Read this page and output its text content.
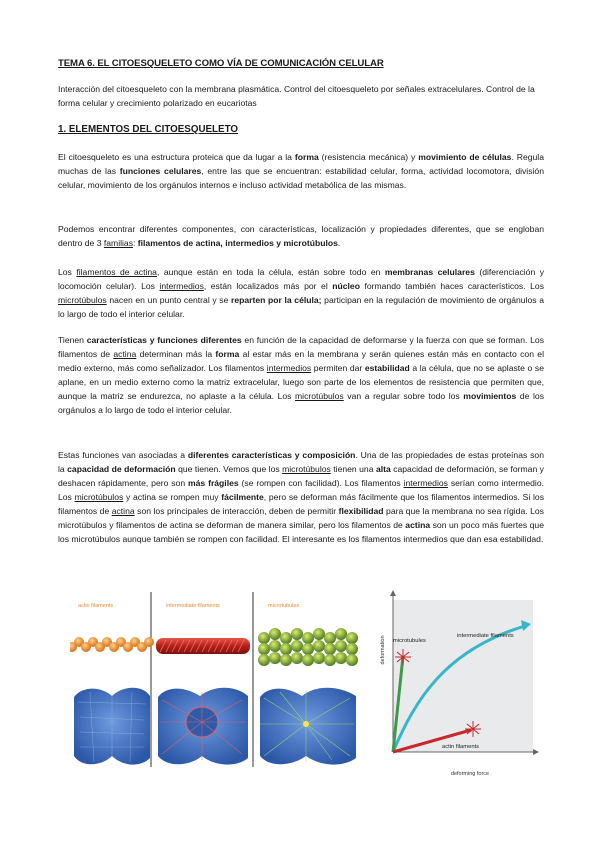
TEMA 6. EL CITOESQUELETO COMO VÍA DE COMUNICACIÓN CELULAR
Interacción del citoesqueleto con la membrana plasmática. Control del citoesqueleto por señales extracelulares. Control de la forma celular y crecimiento polarizado en eucariotas
1. ELEMENTOS DEL CITOESQUELETO
El citoesqueleto es una estructura proteica que da lugar a la forma (resistencia mecánica) y movimiento de células. Regula muchas de las funciones celulares, entre las que se encuentran: estabilidad celular, forma, actividad locomotora, división celular, movimiento de los orgánulos internos e incluso actividad metabólica de las mismas.
Podemos encontrar diferentes componentes, con características, localización y propiedades diferentes, que se engloban dentro de 3 familias: filamentos de actina, intermedios y microtúbulos.
Los filamentos de actina, aunque están en toda la célula, están sobre todo en membranas celulares (diferenciación y locomoción celular). Los intermedios, están localizados más por el núcleo formando también haces característicos. Los microtúbulos nacen en un punto central y se reparten por la célula; participan en la regulación de movimiento de orgánulos a lo largo de todo el interior celular.
Tienen características y funciones diferentes en función de la capacidad de deformarse y la fuerza con que se forman. Los filamentos de actina determinan más la forma al estar más en la membrana y serán quienes están más en contacto con el medio externo, más como señalizador. Los filamentos intermedios permiten dar estabilidad a la célula, que no se aplaste o se aplane, en un medio externo como la matriz extracelular, luego son parte de los elementos de resistencia que permiten que, aunque la matriz se endurezca, no aplaste a la célula. Los microtúbulos van a regular sobre todo los movimientos de los orgánulos a lo largo de todo el interior celular.
Estas funciones van asociadas a diferentes características y composición. Una de las propiedades de estas proteínas son la capacidad de deformación que tienen. Vemos que los microtúbulos tienen una alta capacidad de deformación, se forman y deshacen rápidamente, pero son más frágiles (se rompen con facilidad). Los filamentos intermedios serían como intermedio. Los microtúbulos y actina se rompen muy fácilmente, pero se deforman más fácilmente que los filamentos intermedios. Si los filamentos de actina son los principales de interacción, deben de permitir flexibilidad para que la membrana no sea rígida. Los microtúbulos y filamentos de actina se deforman de manera similar, pero los filamentos de actina son un poco más fuertes que los microtúbulos aunque también se rompen con facilidad. El interesante es los filamentos intermedios que dan esa estabilidad.
actin filaments	intermediate filaments	microtubules
deformation
deforming force
microtubules
intermediate filaments
actin filaments
